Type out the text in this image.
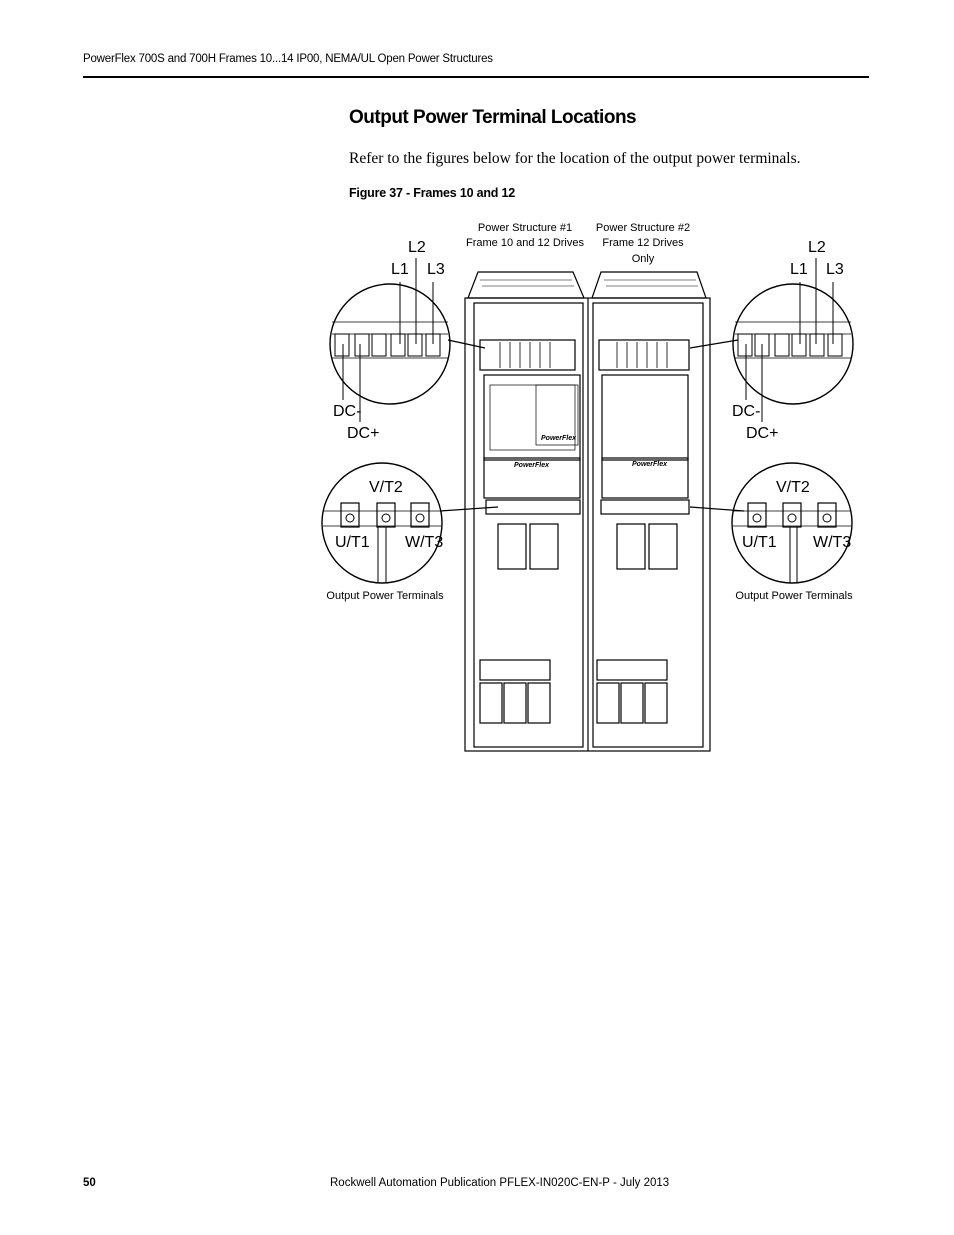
PowerFlex 700S and 700H Frames 10...14 IP00, NEMA/UL Open Power Structures
Output Power Terminal Locations
Refer to the figures below for the location of the output power terminals.
Figure 37 - Frames 10 and 12
Power Structure #1
Frame 10 and 12 Drives
Power Structure #2
Frame 12 Drives
Only
PowerFlex
PowerFlex	PowerFlex
L2
L1 L3
DC-
DC+
L2
L1 L3
DC-
DC+
V/T2
U/T1 W/T3
Output Power Terminals
V/T2
U/T1 W/T3
Output Power Terminals
50	Rockwell Automation Publication PFLEX-IN020C-EN-P - July 2013
